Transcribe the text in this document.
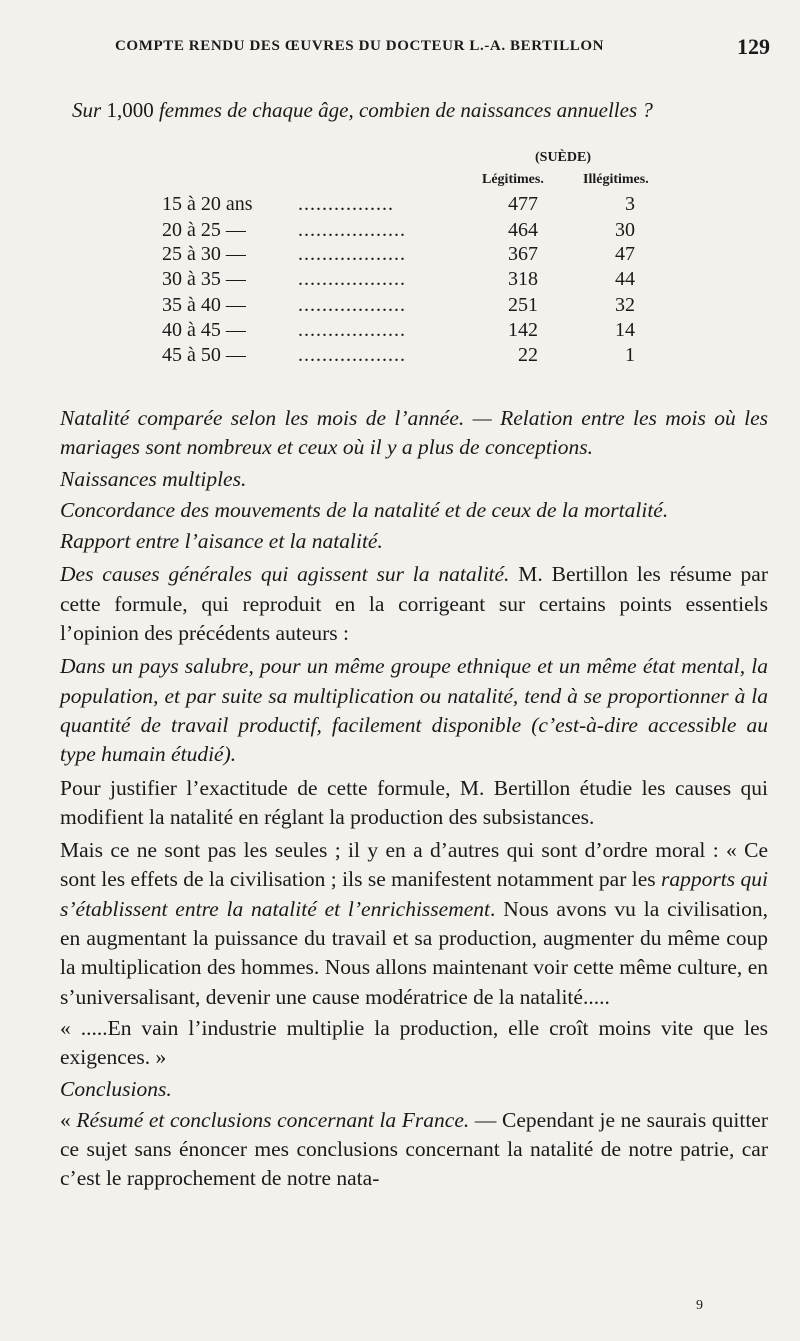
COMPTE RENDU DES ŒUVRES DU DOCTEUR L.-A. BERTILLON	129
Sur 1,000 femmes de chaque âge, combien de naissances annuelles ?
(SUÈDE)
Légitimes.	Illégitimes.
15 à 20 ans	................	477	3
20 à 25 —	..................	464	30
25 à 30 —	..................	367	47
30 à 35 —	..................	318	44
35 à 40 —	..................	251	32
40 à 45 —	..................	142	14
45 à 50 —	..................	22	1

Natalité comparée selon les mois de l’année. — Relation entre les mois où les mariages sont nombreux et ceux où il y a plus de conceptions.

Naissances multiples.

Concordance des mouvements de la natalité et de ceux de la mortalité.

Rapport entre l’aisance et la natalité.

Des causes générales qui agissent sur la natalité. M. Bertillon les résume par cette formule, qui reproduit en la corrigeant sur certains points essentiels l’opinion des précédents auteurs :

Dans un pays salubre, pour un même groupe ethnique et un même état mental, la population, et par suite sa multiplication ou natalité, tend à se proportionner à la quantité de travail productif, facilement disponible (c’est-à-dire accessible au type humain étudié).

Pour justifier l’exactitude de cette formule, M. Bertillon étudie les causes qui modifient la natalité en réglant la production des subsistances.

Mais ce ne sont pas les seules ; il y en a d’autres qui sont d’ordre moral : « Ce sont les effets de la civilisation ; ils se manifestent notamment par les rapports qui s’établissent entre la natalité et l’enrichissement. Nous avons vu la civilisation, en augmentant la puissance du travail et sa production, augmenter du même coup la multiplication des hommes. Nous allons maintenant voir cette même culture, en s’universalisant, devenir une cause modératrice de la natalité.....

« .....En vain l’industrie multiplie la production, elle croît moins vite que les exigences. »

Conclusions.

« Résumé et conclusions concernant la France. — Cependant je ne saurais quitter ce sujet sans énoncer mes conclusions concernant la natalité de notre patrie, car c’est le rapprochement de notre nata-

9
